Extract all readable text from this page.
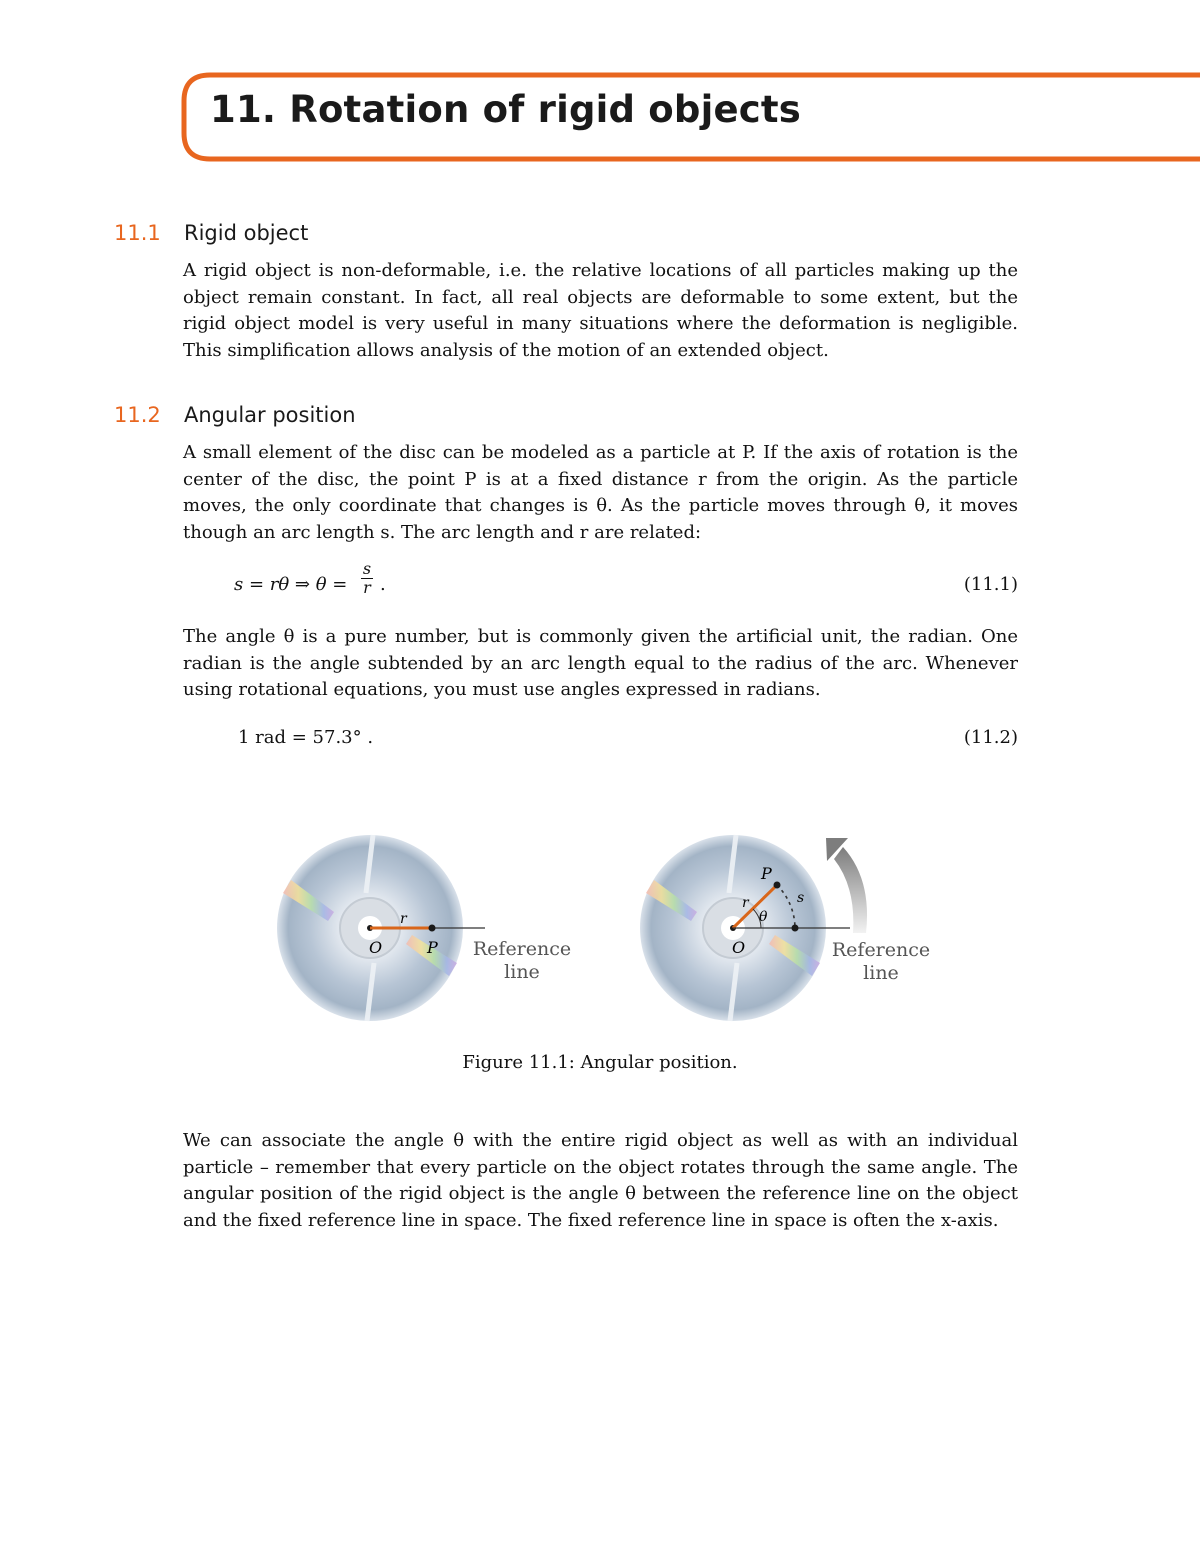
11. Rotation of rigid objects
11.1 Rigid object

A rigid object is non-deformable, i.e. the relative locations of all particles making up the object remain constant. In fact, all real objects are deformable to some extent, but the rigid object model is very useful in many situations where the deformation is negligible. This simplification allows analysis of the motion of an extended object.

11.2 Angular position

A small element of the disc can be modeled as a particle at P. If the axis of rotation is the center of the disc, the point P is at a fixed distance r from the origin. As the particle moves, the only coordinate that changes is θ. As the particle moves through θ, it moves though an arc length s. The arc length and r are related:

s = rθ ⇒ θ =
s
r .	(11.1)

The angle θ is a pure number, but is commonly given the artificial unit, the radian. One radian is the angle subtended by an arc length equal to the radius of the arc. Whenever using rotational equations, you must use angles expressed in radians.

1 rad = 57.3° .	(11.2)
O	P
r
Reference
line
O
P
r
θ
s
Reference
line
Figure 11.1: Angular position.

We can associate the angle θ with the entire rigid object as well as with an individual particle – remember that every particle on the object rotates through the same angle. The angular position of the rigid object is the angle θ between the reference line on the object and the fixed reference line in space. The fixed reference line in space is often the x-axis.
